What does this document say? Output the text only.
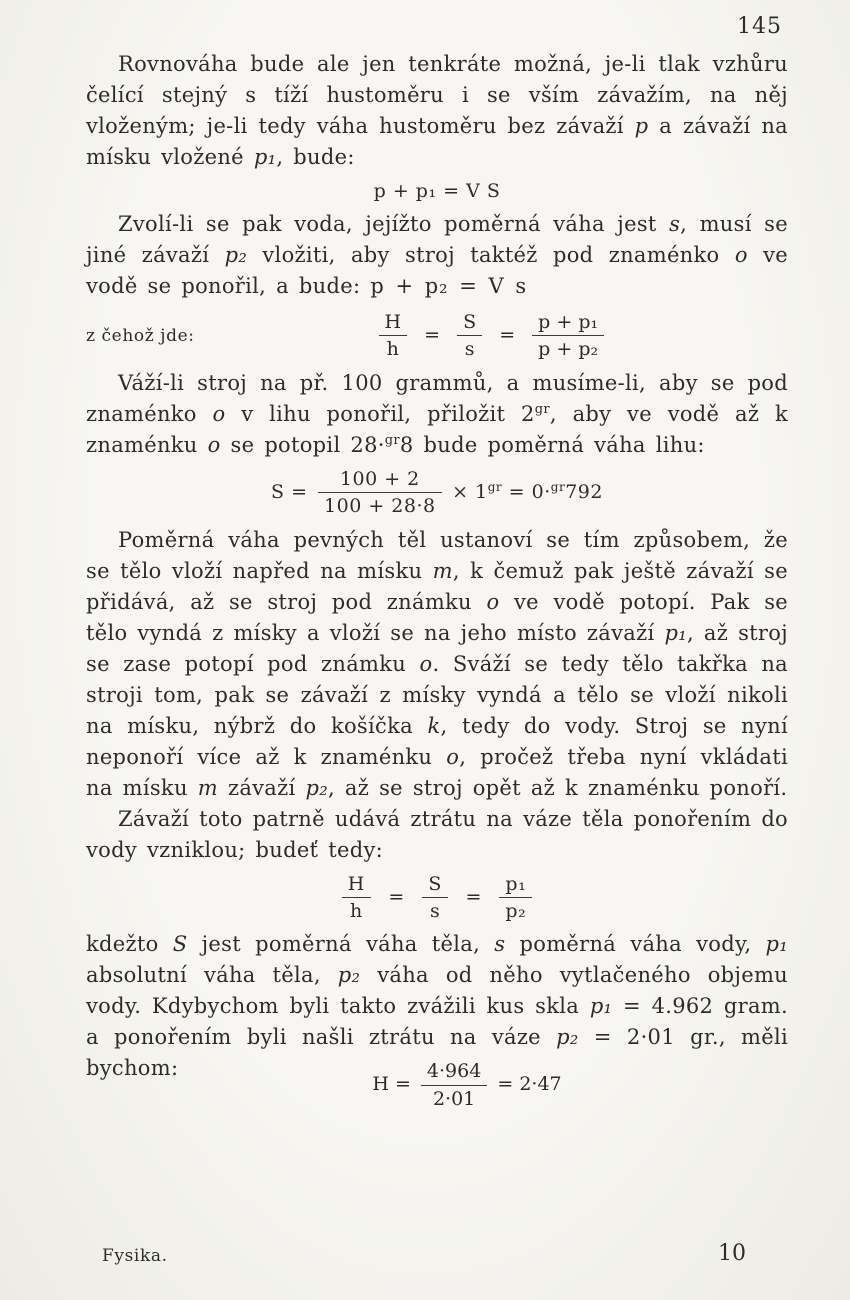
145

Rovnováha bude ale jen tenkráte možná, je-li tlak vzhůru čelící stejný s tíží hustoměru i se vším závažím, na něj vloženým; je-li tedy váha hustoměru bez závaží p a závaží na mísku vložené p₁, bude:

p + p₁ = V S

Zvolí-li se pak voda, jejížto poměrná váha jest s, musí se jiné závaží p₂ vložiti, aby stroj taktéž pod znaménko o ve vodě se ponořil, a bude: p + p₂ = V s

z čehož jde:	$\frac{H}{h} = \frac{S}{s} = \frac{\text{p + p₁}}{\text{p + p₂}}$

Váží-li stroj na př. 100 grammů, a musíme-li, aby se pod znaménko o v lihu ponořil, přiložit $2^{gr}$, aby ve vodě až k znaménku o se potopil 28·$^{gr}$8 bude poměrná váha lihu:

$S = \frac{100 + 2}{100 + 28\cdot 8} \times 1^{gr} = 0\cdot^{gr}792$

Poměrná váha pevných těl ustanoví se tím způsobem, že se tělo vloží napřed na mísku m, k čemuž pak ještě závaží se přidává, až se stroj pod známku o ve vodě potopí. Pak se tělo vyndá z mísky a vloží se na jeho místo závaží p₁, až stroj se zase potopí pod známku o. Sváží se tedy tělo takřka na stroji tom, pak se závaží z mísky vyndá a tělo se vloží nikoli na mísku, nýbrž do košíčka k, tedy do vody. Stroj se nyní neponoří více až k znaménku o, pročež třeba nyní vkládati na mísku m závaží p₂, až se stroj opět až k znaménku ponoří.

Závaží toto patrně udává ztrátu na váze těla ponořením do vody vzniklou; budeť tedy:

$\frac{H}{h} = \frac{S}{s} = \frac{\text{p₁}}{\text{p₂}}$

kdežto S jest poměrná váha těla, s poměrná váha vody, p₁ absolutní váha těla, p₂ váha od něho vytlačeného objemu vody. Kdybychom byli takto zvážili kus skla p₁ = 4.962 gram. a ponořením byli našli ztrátu na váze p₂ = 2·01 gr., měli bychom:

$H = \frac{4\cdot 964}{2\cdot 01} = 2\cdot 47$
Fysika.	10
